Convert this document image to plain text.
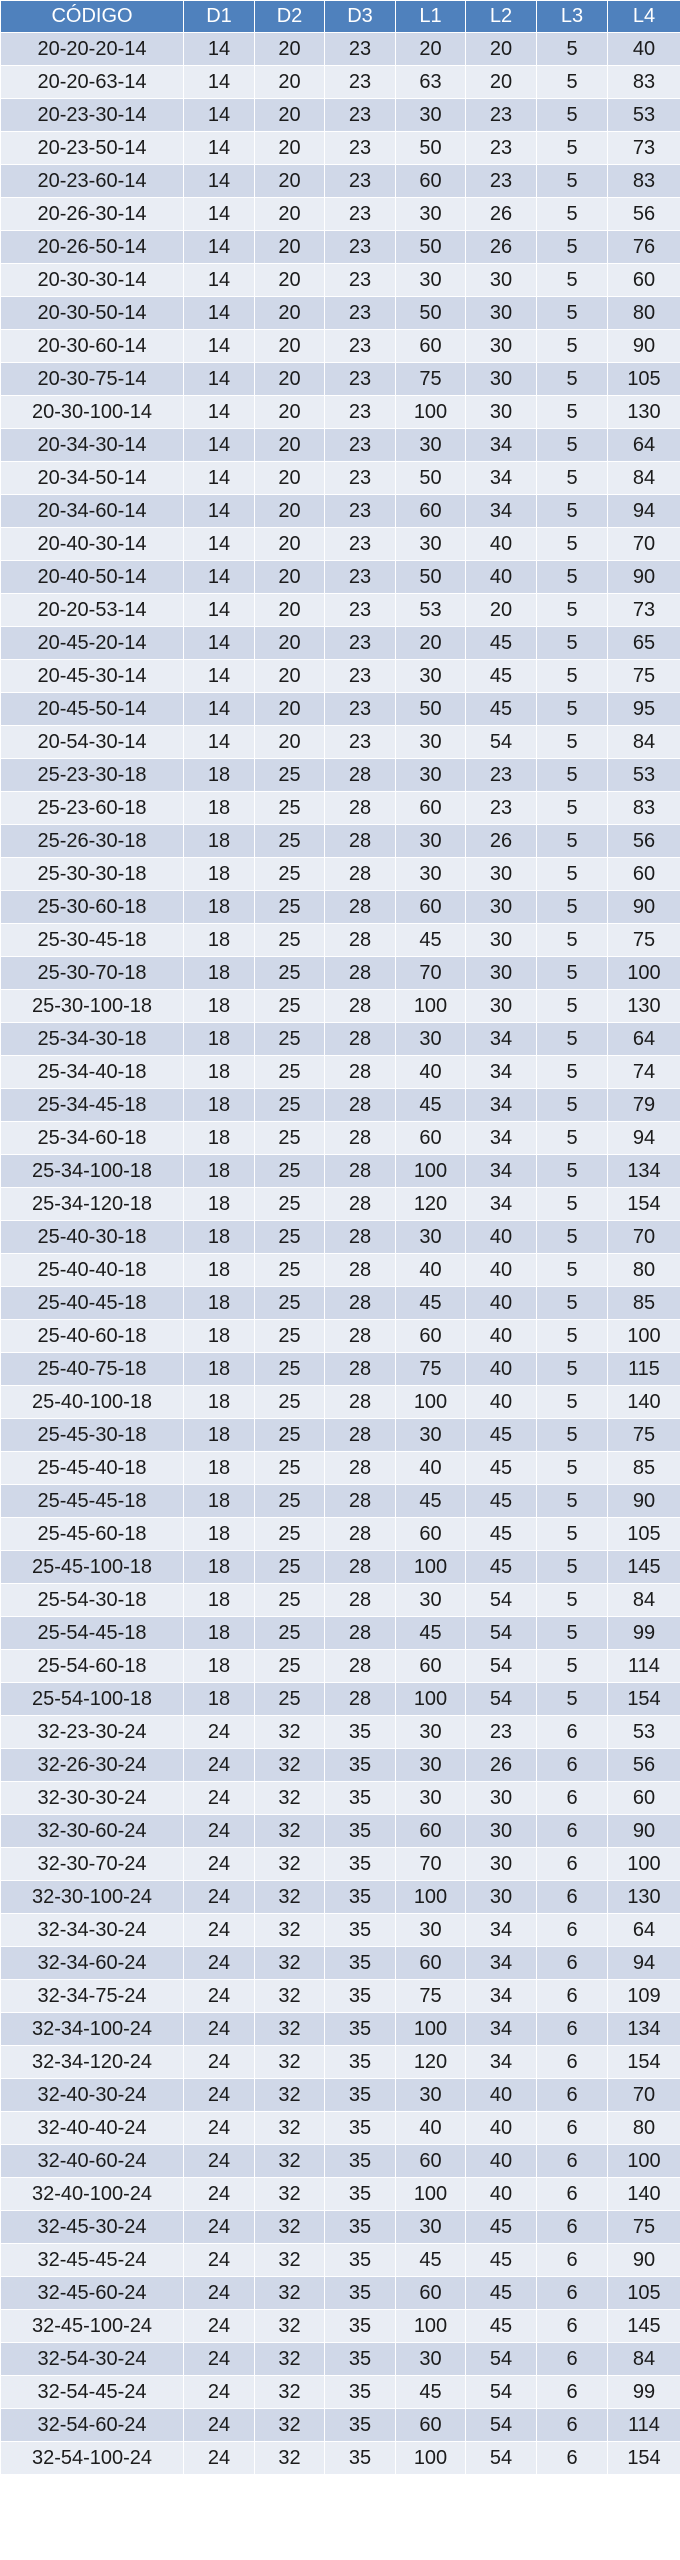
CÓDIGO	D1	D2	D3	L1	L2	L3	L4
20-20-20-14	14	20	23	20	20	5	40
20-20-63-14	14	20	23	63	20	5	83
20-23-30-14	14	20	23	30	23	5	53
20-23-50-14	14	20	23	50	23	5	73
20-23-60-14	14	20	23	60	23	5	83
20-26-30-14	14	20	23	30	26	5	56
20-26-50-14	14	20	23	50	26	5	76
20-30-30-14	14	20	23	30	30	5	60
20-30-50-14	14	20	23	50	30	5	80
20-30-60-14	14	20	23	60	30	5	90
20-30-75-14	14	20	23	75	30	5	105
20-30-100-14	14	20	23	100	30	5	130
20-34-30-14	14	20	23	30	34	5	64
20-34-50-14	14	20	23	50	34	5	84
20-34-60-14	14	20	23	60	34	5	94
20-40-30-14	14	20	23	30	40	5	70
20-40-50-14	14	20	23	50	40	5	90
20-20-53-14	14	20	23	53	20	5	73
20-45-20-14	14	20	23	20	45	5	65
20-45-30-14	14	20	23	30	45	5	75
20-45-50-14	14	20	23	50	45	5	95
20-54-30-14	14	20	23	30	54	5	84
25-23-30-18	18	25	28	30	23	5	53
25-23-60-18	18	25	28	60	23	5	83
25-26-30-18	18	25	28	30	26	5	56
25-30-30-18	18	25	28	30	30	5	60
25-30-60-18	18	25	28	60	30	5	90
25-30-45-18	18	25	28	45	30	5	75
25-30-70-18	18	25	28	70	30	5	100
25-30-100-18	18	25	28	100	30	5	130
25-34-30-18	18	25	28	30	34	5	64
25-34-40-18	18	25	28	40	34	5	74
25-34-45-18	18	25	28	45	34	5	79
25-34-60-18	18	25	28	60	34	5	94
25-34-100-18	18	25	28	100	34	5	134
25-34-120-18	18	25	28	120	34	5	154
25-40-30-18	18	25	28	30	40	5	70
25-40-40-18	18	25	28	40	40	5	80
25-40-45-18	18	25	28	45	40	5	85
25-40-60-18	18	25	28	60	40	5	100
25-40-75-18	18	25	28	75	40	5	115
25-40-100-18	18	25	28	100	40	5	140
25-45-30-18	18	25	28	30	45	5	75
25-45-40-18	18	25	28	40	45	5	85
25-45-45-18	18	25	28	45	45	5	90
25-45-60-18	18	25	28	60	45	5	105
25-45-100-18	18	25	28	100	45	5	145
25-54-30-18	18	25	28	30	54	5	84
25-54-45-18	18	25	28	45	54	5	99
25-54-60-18	18	25	28	60	54	5	114
25-54-100-18	18	25	28	100	54	5	154
32-23-30-24	24	32	35	30	23	6	53
32-26-30-24	24	32	35	30	26	6	56
32-30-30-24	24	32	35	30	30	6	60
32-30-60-24	24	32	35	60	30	6	90
32-30-70-24	24	32	35	70	30	6	100
32-30-100-24	24	32	35	100	30	6	130
32-34-30-24	24	32	35	30	34	6	64
32-34-60-24	24	32	35	60	34	6	94
32-34-75-24	24	32	35	75	34	6	109
32-34-100-24	24	32	35	100	34	6	134
32-34-120-24	24	32	35	120	34	6	154
32-40-30-24	24	32	35	30	40	6	70
32-40-40-24	24	32	35	40	40	6	80
32-40-60-24	24	32	35	60	40	6	100
32-40-100-24	24	32	35	100	40	6	140
32-45-30-24	24	32	35	30	45	6	75
32-45-45-24	24	32	35	45	45	6	90
32-45-60-24	24	32	35	60	45	6	105
32-45-100-24	24	32	35	100	45	6	145
32-54-30-24	24	32	35	30	54	6	84
32-54-45-24	24	32	35	45	54	6	99
32-54-60-24	24	32	35	60	54	6	114
32-54-100-24	24	32	35	100	54	6	154
